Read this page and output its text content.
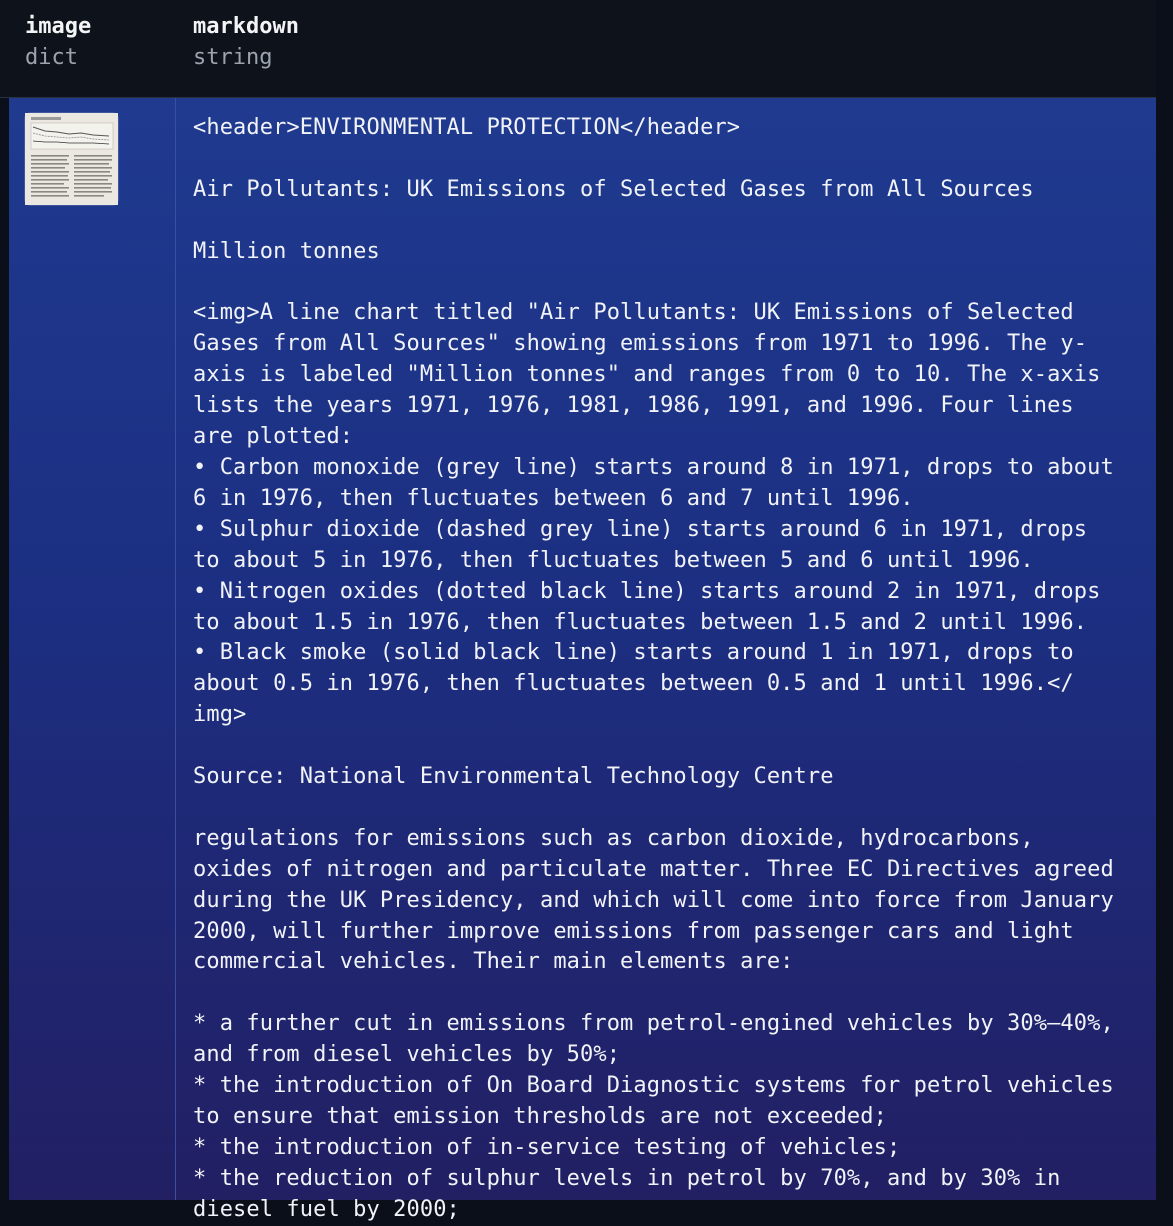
image
dict
markdown
string
<header>ENVIRONMENTAL PROTECTION</header>

Air Pollutants: UK Emissions of Selected Gases from All Sources

Million tonnes

<img>A line chart titled "Air Pollutants: UK Emissions of Selected
Gases from All Sources" showing emissions from 1971 to 1996. The y-
axis is labeled "Million tonnes" and ranges from 0 to 10. The x-axis
lists the years 1971, 1976, 1981, 1986, 1991, and 1996. Four lines
are plotted:
• Carbon monoxide (grey line) starts around 8 in 1971, drops to about
6 in 1976, then fluctuates between 6 and 7 until 1996.
• Sulphur dioxide (dashed grey line) starts around 6 in 1971, drops
to about 5 in 1976, then fluctuates between 5 and 6 until 1996.
• Nitrogen oxides (dotted black line) starts around 2 in 1971, drops
to about 1.5 in 1976, then fluctuates between 1.5 and 2 until 1996.
• Black smoke (solid black line) starts around 1 in 1971, drops to
about 0.5 in 1976, then fluctuates between 0.5 and 1 until 1996.</
img>

Source: National Environmental Technology Centre

regulations for emissions such as carbon dioxide, hydrocarbons,
oxides of nitrogen and particulate matter. Three EC Directives agreed
during the UK Presidency, and which will come into force from January
2000, will further improve emissions from passenger cars and light
commercial vehicles. Their main elements are:

* a further cut in emissions from petrol-engined vehicles by 30%–40%,
and from diesel vehicles by 50%;
* the introduction of On Board Diagnostic systems for petrol vehicles
to ensure that emission thresholds are not exceeded;
* the introduction of in-service testing of vehicles;
* the reduction of sulphur levels in petrol by 70%, and by 30% in
diesel fuel by 2000;
